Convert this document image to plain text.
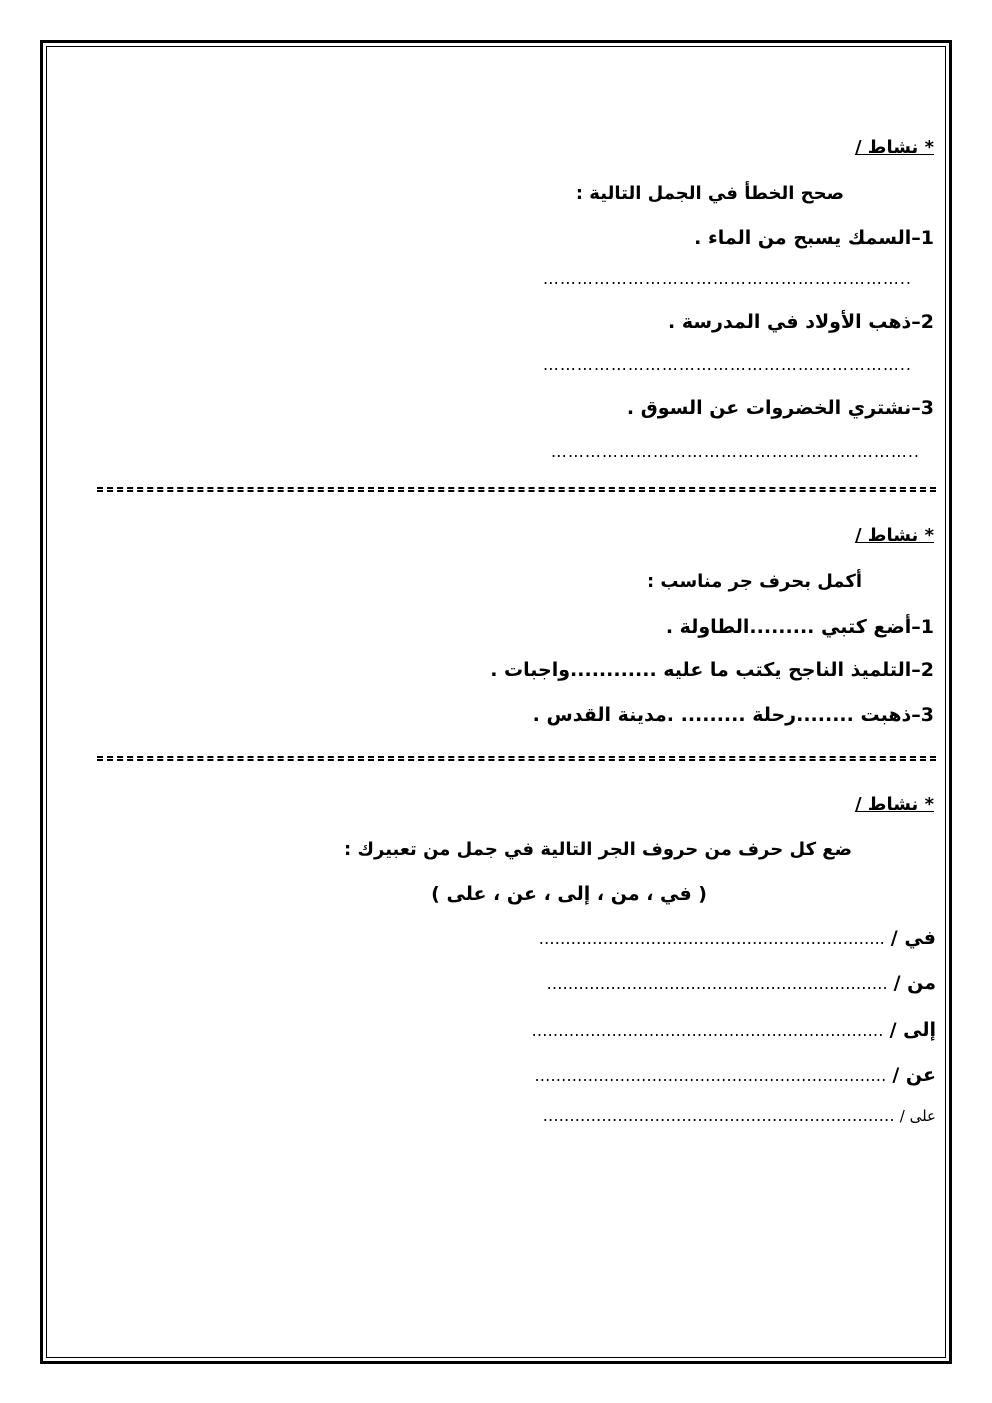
* نشاط /
صحح الخطأ في الجمل التالية :
–السمك يسبح من الماء .1
………………………………………………………..
–ذهب الأولاد في المدرسة .2
………………………………………………………..
–نشتري الخضروات عن السوق .3
………………………………………………………..
* نشاط /
أكمل بحرف جر مناسب :
–أضع كتبي .........الطاولة .1
–التلميذ الناجح يكتب ما عليه ............واجبات .2
–ذهبت ........رحلة ......... .مدينة القدس .3
* نشاط /
ضع كل حرف من حروف الجر التالية في جمل من تعبيرك :
( في ، من ، إلى ، عن ، على )
……………………………………………………….. في /
………………………………………………………. من /
………………………………………………………… إلى /
………………………………………………………… عن /
………………………………………………………… على /
